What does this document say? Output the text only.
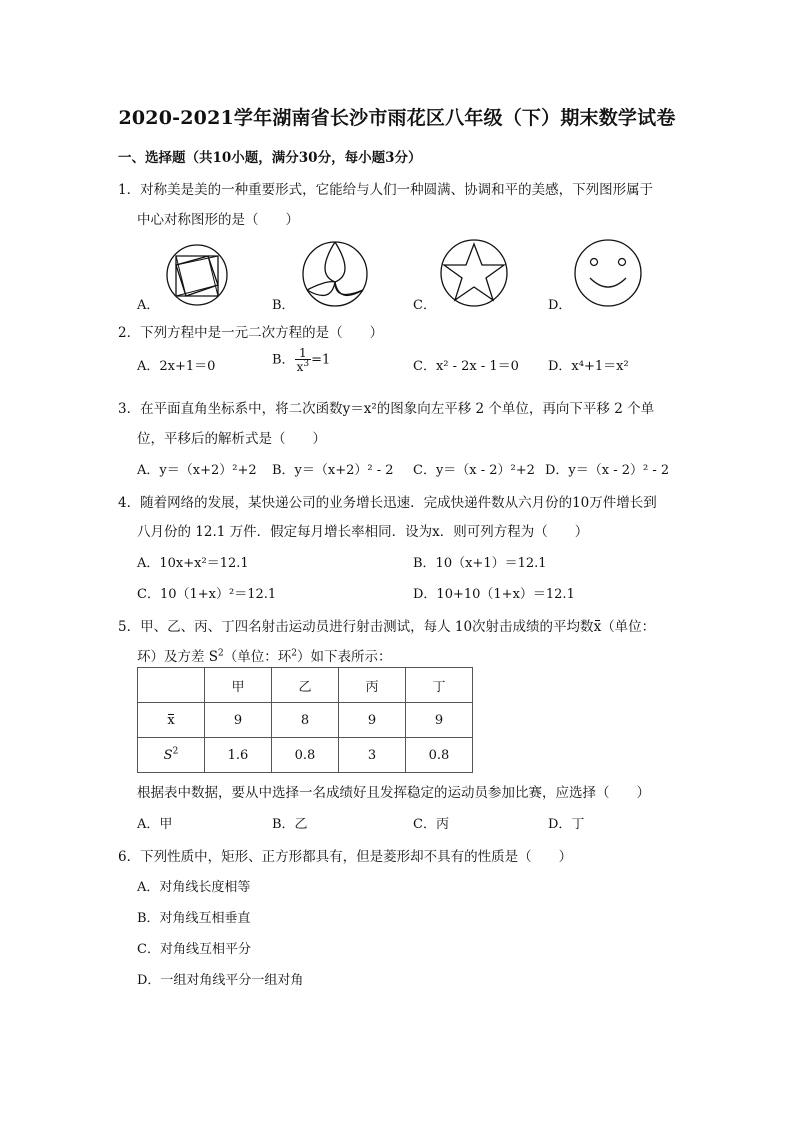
2020-2021学年湖南省长沙市雨花区八年级（下）期末数学试卷
一、选择题（共10小题，满分30分，每小题3分）
1．对称美是美的一种重要形式，它能给与人们一种圆满、协调和平的美感，下列图形属于
中心对称图形的是（　　）
A．	B．	C．	D．
2．下列方程中是一元二次方程的是（　　）
A．2x+1＝0	B． $\frac{1}{x^3} =1$	C．x² - 2x - 1＝0 D．x⁴+1＝x²
3．在平面直角坐标系中，将二次函数y＝x²的图象向左平移 2 个单位，再向下平移 2 个单
位，平移后的解析式是（　　）
A．y＝（x+2）²+2 B．y＝（x+2）² - 2 C．y＝（x - 2）²+2 D．y＝（x - 2）² - 2
4．随着网络的发展，某快递公司的业务增长迅速．完成快递件数从六月份的10万件增长到
八月份的 12.1 万件．假定每月增长率相同．设为x．则可列方程为（　　）
A．10x+x²＝12.1	B．10（x+1）＝12.1
C．10（1+x）²＝12.1	D．10+10（1+x）＝12.1
5．甲、乙、丙、丁四名射击运动员进行射击测试，每人 10次射击成绩的平均数x（单位：
环）及方差 $S^2$（单位：环$^2$）如下表所示：
	甲	乙	丙	丁
x	9	8	9	9
$S^2$	1.6	0.8	3	0.8
根据表中数据，要从中选择一名成绩好且发挥稳定的运动员参加比赛，应选择（　　）
A．甲	B．乙	C．丙	D．丁
6．下列性质中，矩形、正方形都具有，但是菱形却不具有的性质是（　　）
A．对角线长度相等
B．对角线互相垂直
C．对角线互相平分
D．一组对角线平分一组对角
